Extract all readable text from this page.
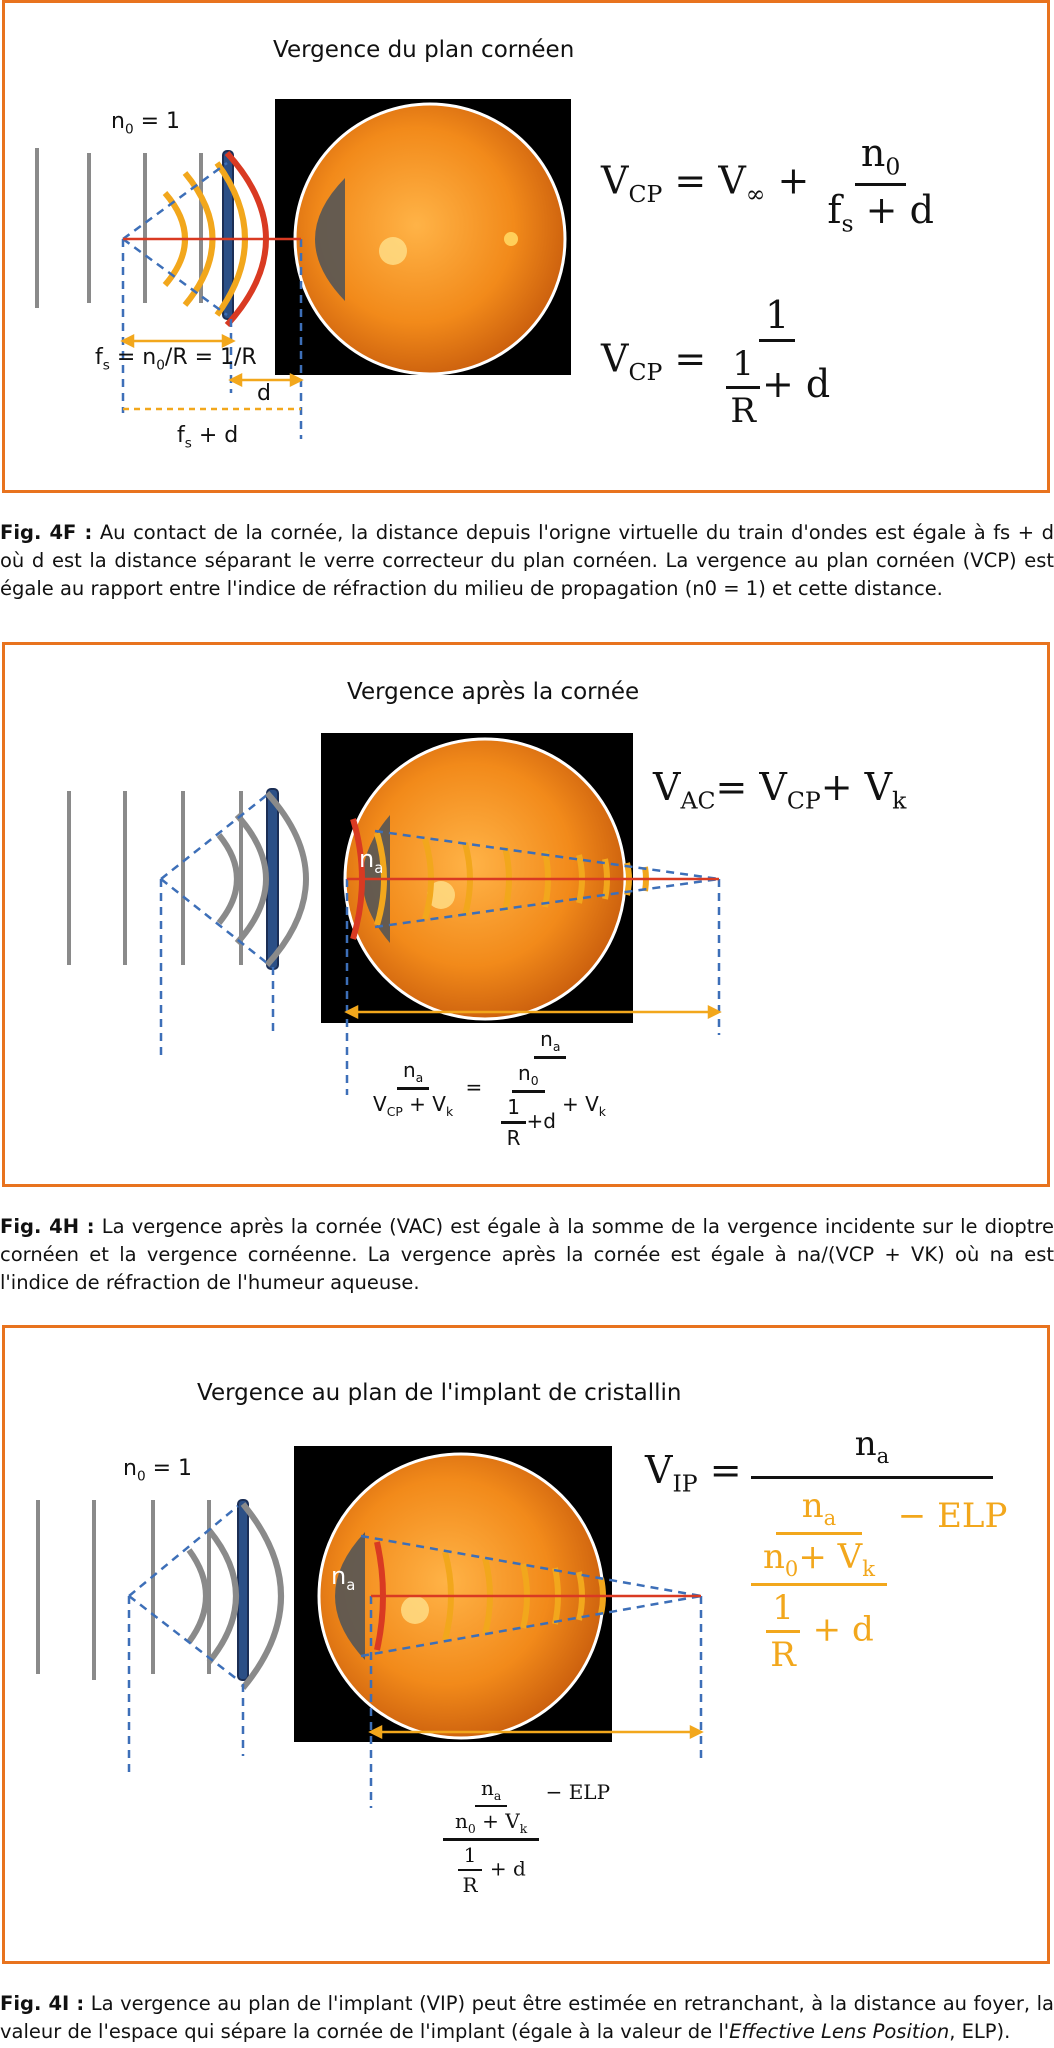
Vergence du plan cornéen
$n_0 = 1$
$f_s = n_0/R = 1/R$
d
$f_s + d$
$V_{CP} = V_\infty + \frac{n_0}{f_s + d}$
$V_{CP} = \frac{1}{\frac{1}{R} + d}$
Fig. 4F : Au contact de la cornée, la distance depuis l'origne virtuelle du train d'ondes est égale à fs + d où d est la distance séparant le verre correcteur du plan cornéen. La vergence au plan cornéen (VCP) est égale au rapport entre l'indice de réfraction du milieu de propagation (n0 = 1) et cette distance.
Vergence après la cornée
$n_a$
$V_{AC}= V_{CP}+ V_k$
$\frac{n_a}{V_{CP} + V_k} = \frac{n_a}{\frac{n_0}{\frac{1}{R} +d} + V_k}$
Fig. 4H : La vergence après la cornée (VAC) est égale à la somme de la vergence incidente sur le dioptre cornéen et la vergence cornéenne. La vergence après la cornée est égale à na/(VCP + VK) où na est l'indice de réfraction de l'humeur aqueuse.
Vergence au plan de l'implant de cristallin
$n_0 = 1$
$n_a$
$V_{IP}$ =
$n_a$
$\frac{\frac{n_a}{n_0+ V_k}}{\frac{1}{R} + d}$ − ELP
$\frac{\frac{n_a}{n_0 + V_k}}{\frac{1}{R} + d}$ − ELP
Fig. 4I : La vergence au plan de l'implant (VIP) peut être estimée en retranchant, à la distance au foyer, la valeur de l'espace qui sépare la cornée de l'implant (égale à la valeur de l'Effective Lens Position, ELP).
